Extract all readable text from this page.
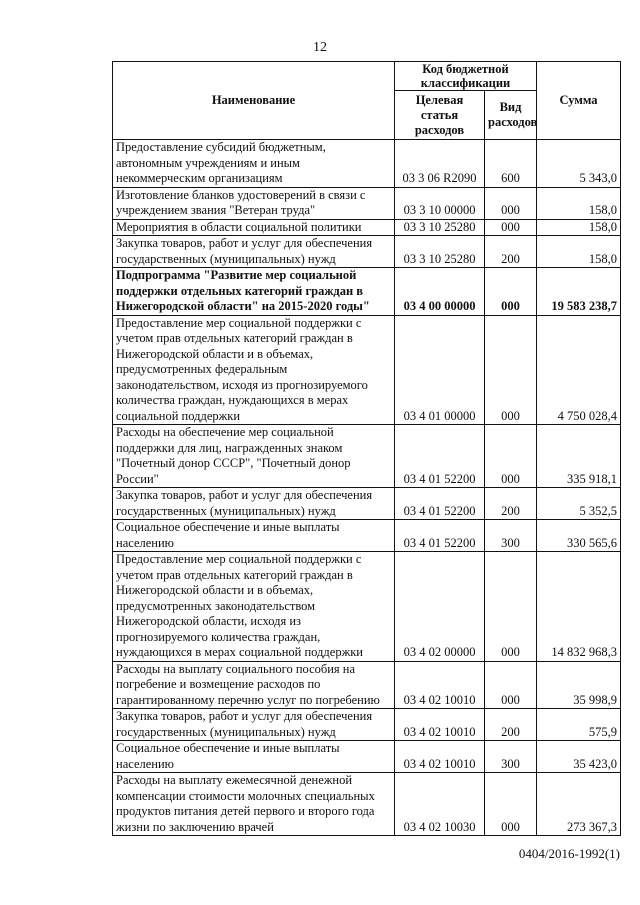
12
Наименование	Код бюджетной классификации		Сумма
	Целевая статья расходов	Вид расходов	
Предоставление субсидий бюджетным, автономным учреждениям и иным некоммерческим организациям	03 3 06 R2090	600	5 343,0
Изготовление бланков удостоверений в связи с учреждением звания "Ветеран труда"	03 3 10 00000	000	158,0
Мероприятия в области социальной политики	03 3 10 25280	000	158,0
Закупка товаров, работ и услуг для обеспечения государственных (муниципальных) нужд	03 3 10 25280	200	158,0
Подпрограмма "Развитие мер социальной поддержки отдельных категорий граждан в Нижегородской области" на 2015-2020 годы"	03 4 00 00000	000	19 583 238,7
Предоставление мер социальной поддержки с учетом прав отдельных категорий граждан в Нижегородской области и в объемах, предусмотренных федеральным законодательством, исходя из прогнозируемого количества граждан, нуждающихся в мерах социальной поддержки	03 4 01 00000	000	4 750 028,4
Расходы на обеспечение мер социальной поддержки для лиц, награжденных знаком "Почетный донор СССР", "Почетный донор России"	03 4 01 52200	000	335 918,1
Закупка товаров, работ и услуг для обеспечения государственных (муниципальных) нужд	03 4 01 52200	200	5 352,5
Социальное обеспечение и иные выплаты населению	03 4 01 52200	300	330 565,6
Предоставление мер социальной поддержки с учетом прав отдельных категорий граждан в Нижегородской области и в объемах, предусмотренных законодательством Нижегородской области, исходя из прогнозируемого количества граждан, нуждающихся в мерах социальной поддержки	03 4 02 00000	000	14 832 968,3
Расходы на выплату социального пособия на погребение и возмещение расходов по гарантированному перечню услуг по погребению	03 4 02 10010	000	35 998,9
Закупка товаров, работ и услуг для обеспечения государственных (муниципальных) нужд	03 4 02 10010	200	575,9
Социальное обеспечение и иные выплаты населению	03 4 02 10010	300	35 423,0
Расходы на выплату ежемесячной денежной компенсации стоимости молочных специальных продуктов питания детей первого и второго года жизни по заключению врачей	03 4 02 10030	000	273 367,3
0404/2016-1992(1)
